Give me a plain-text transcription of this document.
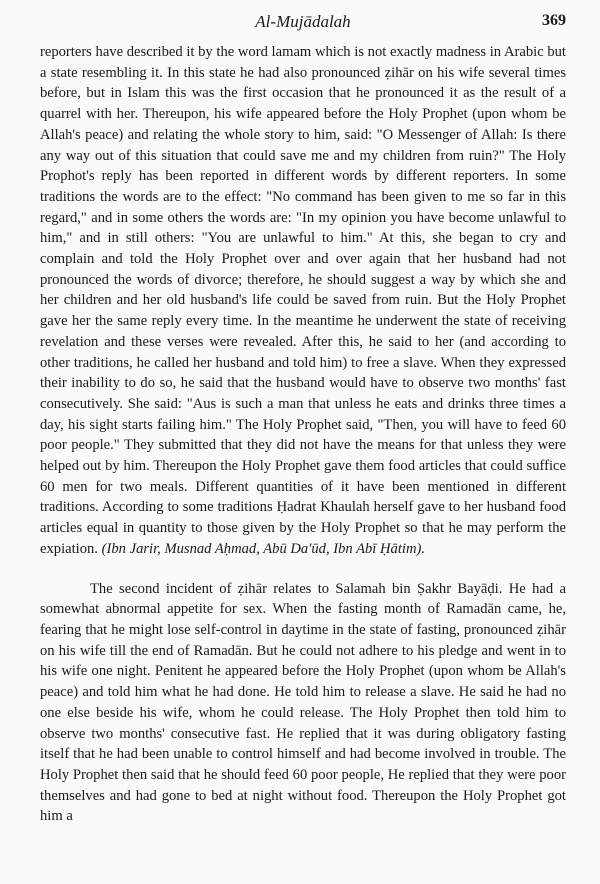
Al-Mujādalah	369

reporters have described it by the word lamam which is not exactly madness in Arabic but a state resembling it. In this state he had also pronounced ẓihār on his wife several times before, but in Islam this was the first occasion that he pronounced it as the result of a quarrel with her. Thereupon, his wife appeared before the Holy Prophet (upon whom be Allah's peace) and relating the whole story to him, said: "O Messenger of Allah: Is there any way out of this situation that could save me and my children from ruin?" The Holy Prophot's reply has been reported in different words by different reporters. In some traditions the words are to the effect: "No command has been given to me so far in this regard," and in some others the words are: "In my opinion you have become unlawful to him," and in still others: "You are unlawful to him." At this, she began to cry and complain and told the Holy Prophet over and over again that her husband had not pronounced the words of divorce; therefore, he should suggest a way by which she and her children and her old husband's life could be saved from ruin. But the Holy Prophet gave her the same reply every time. In the meantime he underwent the state of receiving revelation and these verses were revealed. After this, he said to her (and according to other traditions, he called her husband and told him) to free a slave. When they expressed their inability to do so, he said that the husband would have to observe two months' fast consecutively. She said: "Aus is such a man that unless he eats and drinks three times a day, his sight starts failing him." The Holy Prophet said, "Then, you will have to feed 60 poor people." They submitted that they did not have the means for that unless they were helped out by him. Thereupon the Holy Prophet gave them food articles that could suffice 60 men for two meals. Different quantities of it have been mentioned in different traditions. According to some traditions Ḥadrat Khaulah herself gave to her husband food articles equal in quantity to those given by the Holy Prophet so that he may perform the expiation. (Ibn Jarir, Musnad Aḥmad, Abū Da'ūd, Ibn Abī Ḥātim).

The second incident of ẓihār relates to Salamah bin Ṣakhr Bayāḍi. He had a somewhat abnormal appetite for sex. When the fasting month of Ramadān came, he, fearing that he might lose self-control in daytime in the state of fasting, pronounced ẓihār on his wife till the end of Ramadān. But he could not adhere to his pledge and went in to his wife one night. Penitent he appeared before the Holy Prophet (upon whom be Allah's peace) and told him what he had done. He told him to release a slave. He said he had no one else beside his wife, whom he could release. The Holy Prophet then told him to observe two months' consecutive fast. He replied that it was during obligatory fasting itself that he had been unable to control himself and had become involved in trouble. The Holy Prophet then said that he should feed 60 poor people, He replied that they were poor themselves and had gone to bed at night without food. Thereupon the Holy Prophet got him a
